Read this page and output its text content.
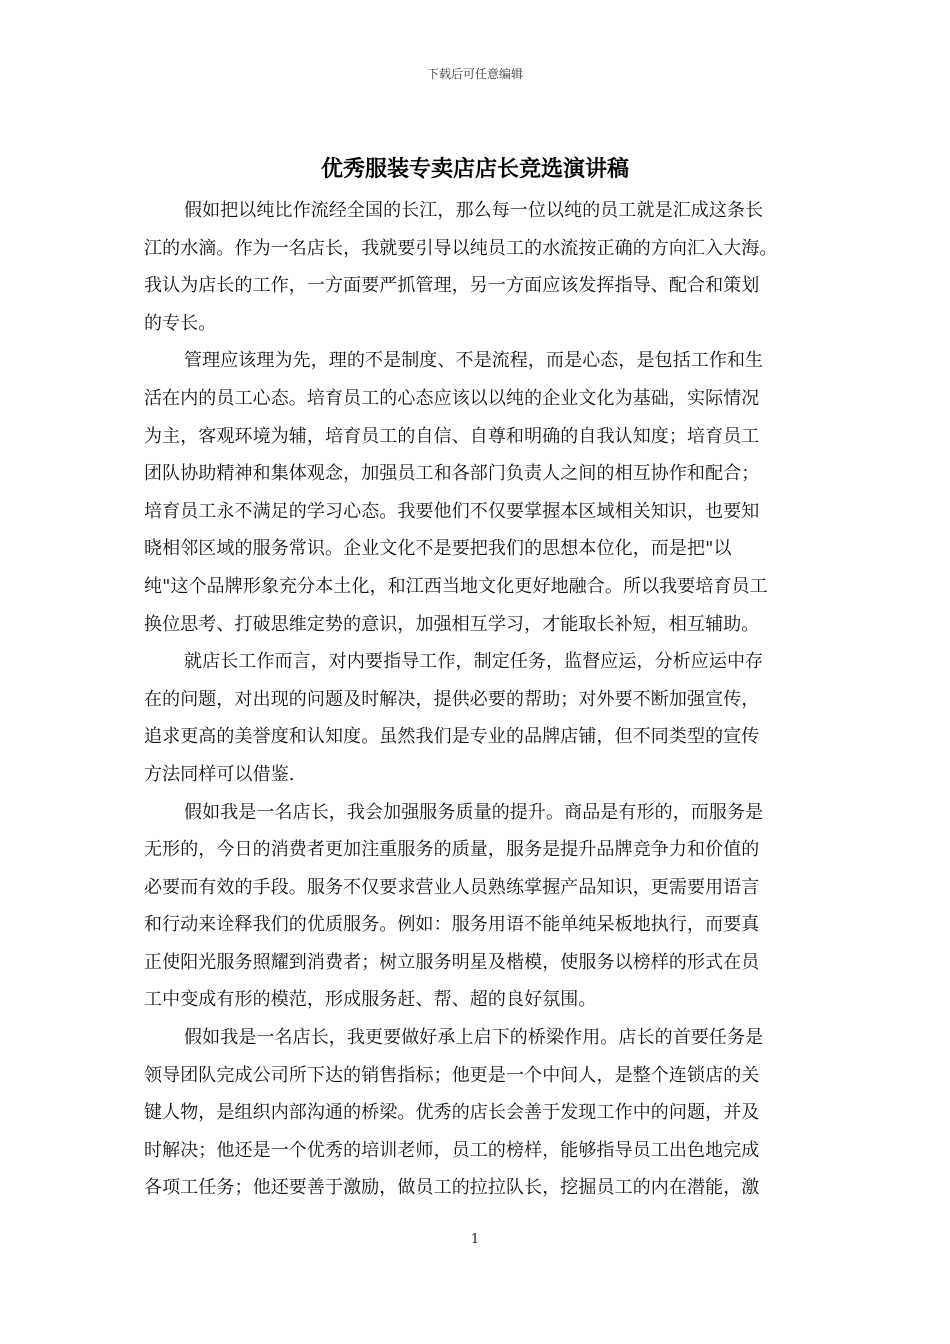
下载后可任意编辑
优秀服装专卖店店长竞选演讲稿
假如把以纯比作流经全国的长江，那么每一位以纯的员工就是汇成这条长
江的水滴。作为一名店长，我就要引导以纯员工的水流按正确的方向汇入大海。
我认为店长的工作，一方面要严抓管理，另一方面应该发挥指导、配合和策划
的专长。
管理应该理为先，理的不是制度、不是流程，而是心态，是包括工作和生
活在内的员工心态。培育员工的心态应该以以纯的企业文化为基础，实际情况
为主，客观环境为辅，培育员工的自信、自尊和明确的自我认知度；培育员工
团队协助精神和集体观念，加强员工和各部门负责人之间的相互协作和配合；
培育员工永不满足的学习心态。我要他们不仅要掌握本区域相关知识，也要知
晓相邻区域的服务常识。企业文化不是要把我们的思想本位化，而是把"以
纯"这个品牌形象充分本土化，和江西当地文化更好地融合。所以我要培育员工
换位思考、打破思维定势的意识，加强相互学习，才能取长补短，相互辅助。
就店长工作而言，对内要指导工作，制定任务，监督应运，分析应运中存
在的问题，对出现的问题及时解决，提供必要的帮助；对外要不断加强宣传，
追求更高的美誉度和认知度。虽然我们是专业的品牌店铺，但不同类型的宣传
方法同样可以借鉴.
假如我是一名店长，我会加强服务质量的提升。商品是有形的，而服务是
无形的，今日的消费者更加注重服务的质量，服务是提升品牌竞争力和价值的
必要而有效的手段。服务不仅要求营业人员熟练掌握产品知识，更需要用语言
和行动来诠释我们的优质服务。例如：服务用语不能单纯呆板地执行，而要真
正使阳光服务照耀到消费者；树立服务明星及楷模，使服务以榜样的形式在员
工中变成有形的模范，形成服务赶、帮、超的良好氛围。
假如我是一名店长，我更要做好承上启下的桥梁作用。店长的首要任务是
领导团队完成公司所下达的销售指标；他更是一个中间人，是整个连锁店的关
键人物，是组织内部沟通的桥梁。优秀的店长会善于发现工作中的问题，并及
时解决；他还是一个优秀的培训老师，员工的榜样，能够指导员工出色地完成
各项工任务；他还要善于激励，做员工的拉拉队长，挖掘员工的内在潜能，激
1
